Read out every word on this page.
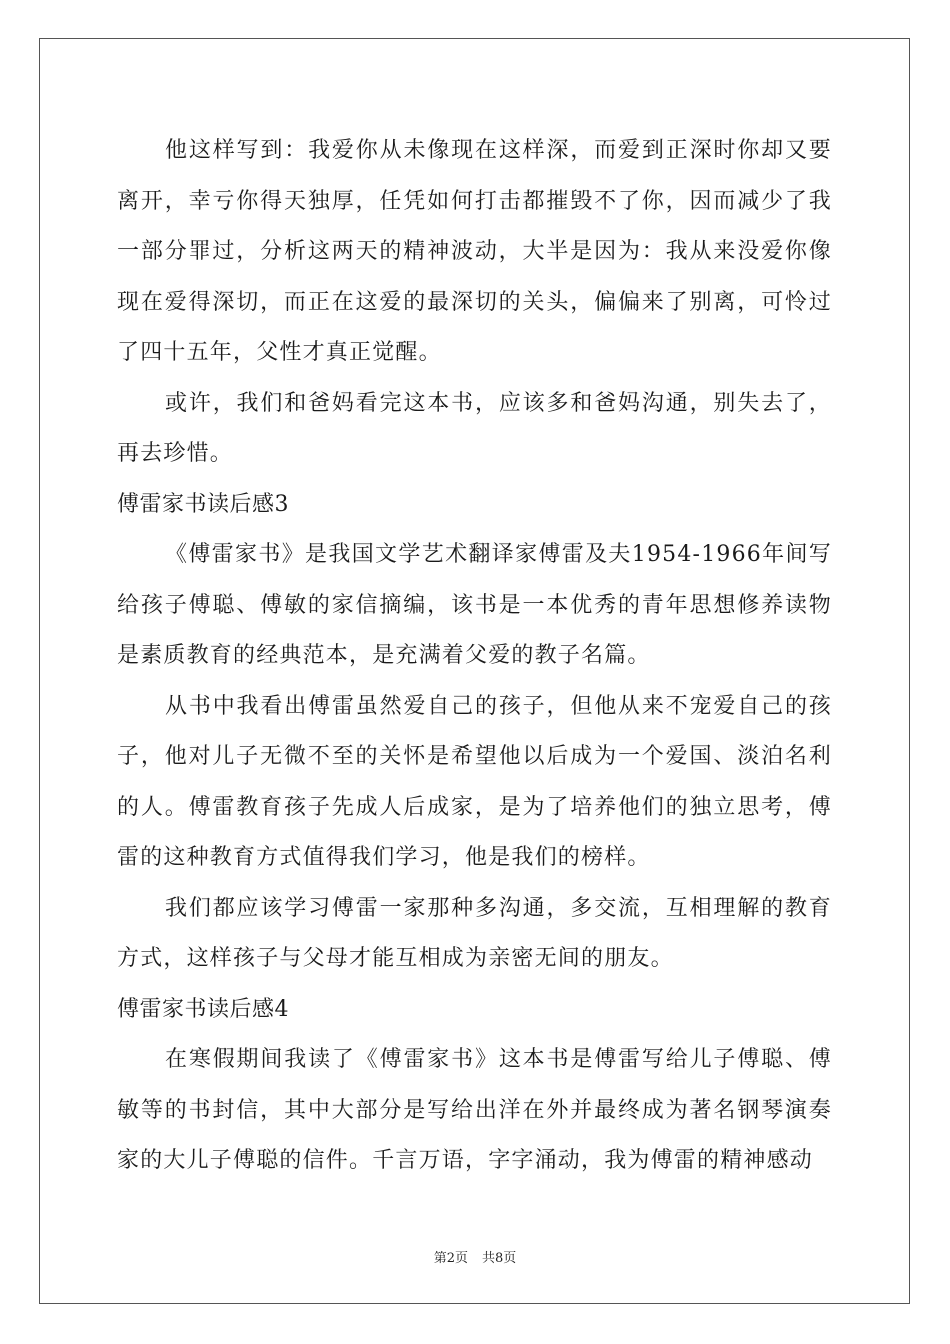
他这样写到：我爱你从未像现在这样深，而爱到正深时你却又要离开，幸亏你得天独厚，任凭如何打击都摧毁不了你，因而减少了我一部分罪过，分析这两天的精神波动，大半是因为：我从来没爱你像现在爱得深切，而正在这爱的最深切的关头，偏偏来了别离，可怜过了四十五年，父性才真正觉醒。

或许，我们和爸妈看完这本书，应该多和爸妈沟通，别失去了，再去珍惜。

傅雷家书读后感3

《傅雷家书》是我国文学艺术翻译家傅雷及夫1954-1966年间写给孩子傅聪、傅敏的家信摘编，该书是一本优秀的青年思想修养读物是素质教育的经典范本，是充满着父爱的教子名篇。

从书中我看出傅雷虽然爱自己的孩子，但他从来不宠爱自己的孩子，他对儿子无微不至的关怀是希望他以后成为一个爱国、淡泊名利的人。傅雷教育孩子先成人后成家，是为了培养他们的独立思考，傅雷的这种教育方式值得我们学习，他是我们的榜样。

我们都应该学习傅雷一家那种多沟通，多交流，互相理解的教育方式，这样孩子与父母才能互相成为亲密无间的朋友。

傅雷家书读后感4

在寒假期间我读了《傅雷家书》这本书是傅雷写给儿子傅聪、傅敏等的书封信，其中大部分是写给出洋在外并最终成为著名钢琴演奏家的大儿子傅聪的信件。千言万语，字字涌动，我为傅雷的精神感动

第2页 共8页
